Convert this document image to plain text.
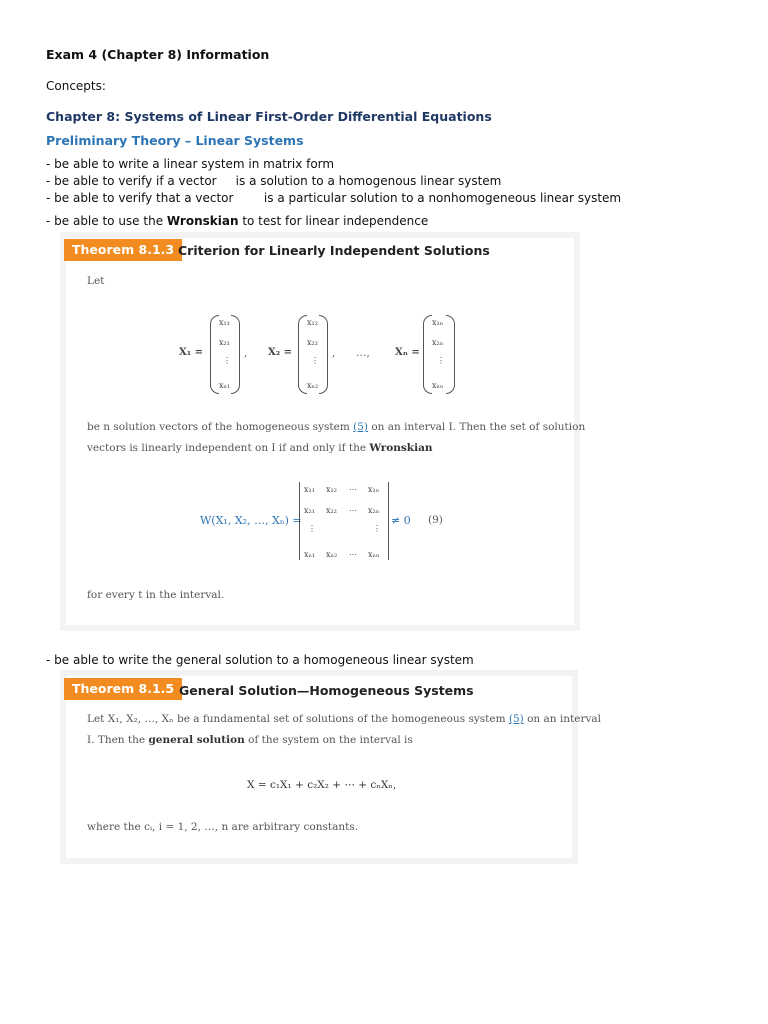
Exam 4 (Chapter 8) Information
Concepts:
Chapter 8: Systems of Linear First-Order Differential Equations
Preliminary Theory – Linear Systems
- be able to write a linear system in matrix form
- be able to verify if a vector     is a solution to a homogenous linear system
- be able to verify that a vector        is a particular solution to a nonhomogeneous linear system
- be able to use the Wronskian to test for linear independence
Theorem 8.1.3 Criterion for Linearly Independent Solutions
Let
X₁ =
x₁₁
x₂₁
⋮
xₙ₁
, X₂ =
x₁₂
x₂₂
⋮
xₙ₂
, …,	Xₙ =
x₁ₙ
x₂ₙ
⋮
xₙₙ
be n solution vectors of the homogeneous system (5) on an interval I. Then the set of solution
vectors is linearly independent on I if and only if the Wronskian
W(X₁, X₂, …, Xₙ) =
x₁₁ x₁₂ ⋯ x₁ₙ
x₂₁ x₂₂ ⋯ x₂ₙ
⋮	⋮
xₙ₁ xₙ₂ ⋯ xₙₙ
≠ 0 (9)
for every t in the interval.
- be able to write the general solution to a homogeneous linear system
Theorem 8.1.5 General Solution—Homogeneous Systems
Let X₁, X₂, …, Xₙ be a fundamental set of solutions of the homogeneous system (5) on an interval
I. Then the general solution of the system on the interval is
X = c₁X₁ + c₂X₂ + ⋯ + cₙXₙ,
where the cᵢ, i = 1, 2, …, n are arbitrary constants.
